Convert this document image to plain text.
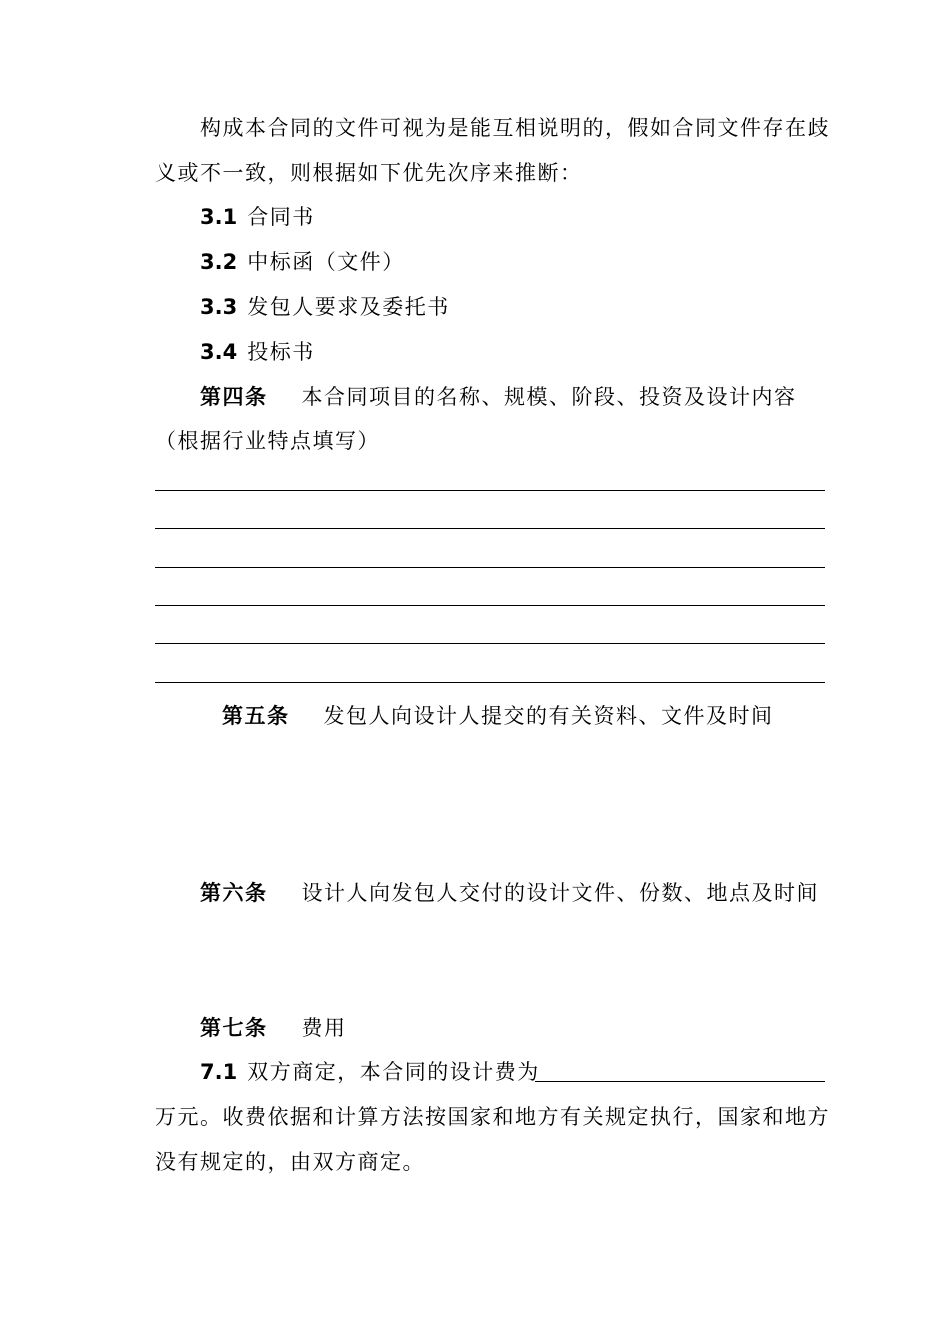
构成本合同的文件可视为是能互相说明的，假如合同文件存在歧
义或不一致，则根据如下优先次序来推断：
3.1 合同书
3.2 中标函（文件）
3.3 发包人要求及委托书
3.4 投标书
第四条 本合同项目的名称、规模、阶段、投资及设计内容
（根据行业特点填写）
第五条 发包人向设计人提交的有关资料、文件及时间
第六条 设计人向发包人交付的设计文件、份数、地点及时间
第七条 费用
7.1 双方商定，本合同的设计费为
万元。收费依据和计算方法按国家和地方有关规定执行，国家和地方
没有规定的，由双方商定。
